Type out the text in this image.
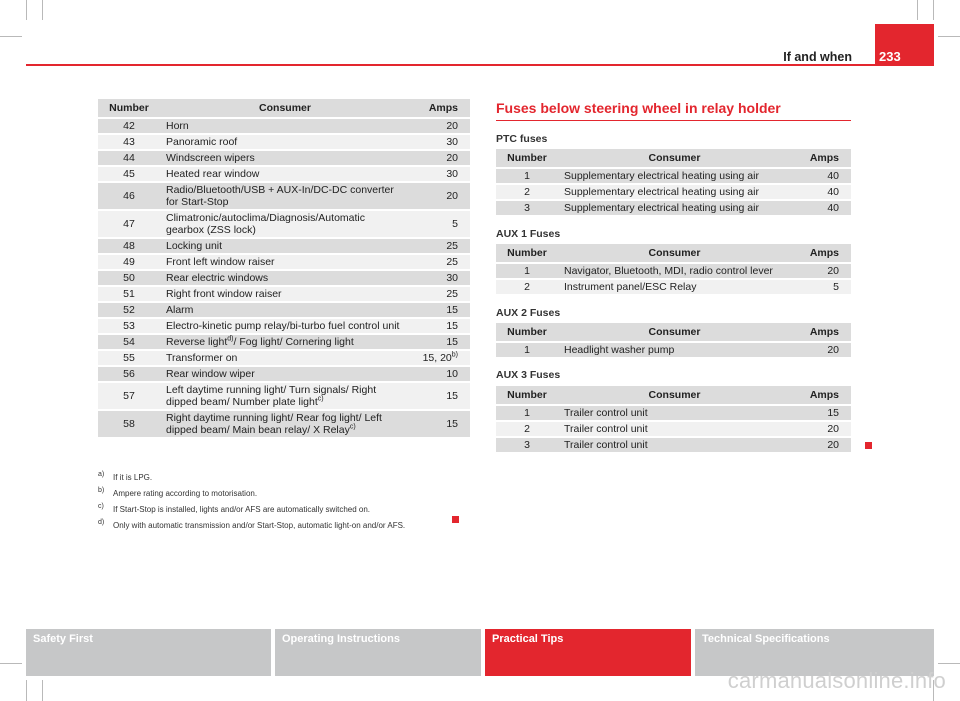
If and when	233
Number	Consumer	Amps
42	Horn	20
43	Panoramic roof	30
44	Windscreen wipers	20
45	Heated rear window	30
46	Radio/Bluetooth/USB + AUX-In/DC-DC converter for Start-Stop	20
47	Climatronic/autoclima/Diagnosis/Automatic gearbox (ZSS lock)	5
48	Locking unit	25
49	Front left window raiser	25
50	Rear electric windows	30
51	Right front window raiser	25
52	Alarm	15
53	Electro-kinetic pump relay/bi-turbo fuel control unit	15
54	Reverse light$^{d)}$/ Fog light/ Cornering light	15
55	Transformer on	15, 20$^{b)}$
56	Rear window wiper	10
57	Left daytime running light/ Turn signals/ Right dipped beam/ Number plate light$^{c)}$	15
58	Right daytime running light/ Rear fog light/ Left dipped beam/ Main bean relay/ X Relay$^{c)}$	15
a)	If it is LPG.
b)	Ampere rating according to motorisation.
c)	If Start-Stop is installed, lights and/or AFS are automatically switched on.
d)	Only with automatic transmission and/or Start-Stop, automatic light-on and/or AFS.
Fuses below steering wheel in relay holder
PTC fuses
Number	Consumer	Amps
1	Supplementary electrical heating using air	40
2	Supplementary electrical heating using air	40
3	Supplementary electrical heating using air	40
AUX 1 Fuses
Number	Consumer	Amps
1	Navigator, Bluetooth, MDI, radio control lever	20
2	Instrument panel/ESC Relay	5
AUX 2 Fuses
Number	Consumer	Amps
1	Headlight washer pump	20
AUX 3 Fuses
Number	Consumer	Amps
1	Trailer control unit	15
2	Trailer control unit	20
3	Trailer control unit	20
Safety First	Operating Instructions	Practical Tips	Technical Specifications
carmanualsonline.info
